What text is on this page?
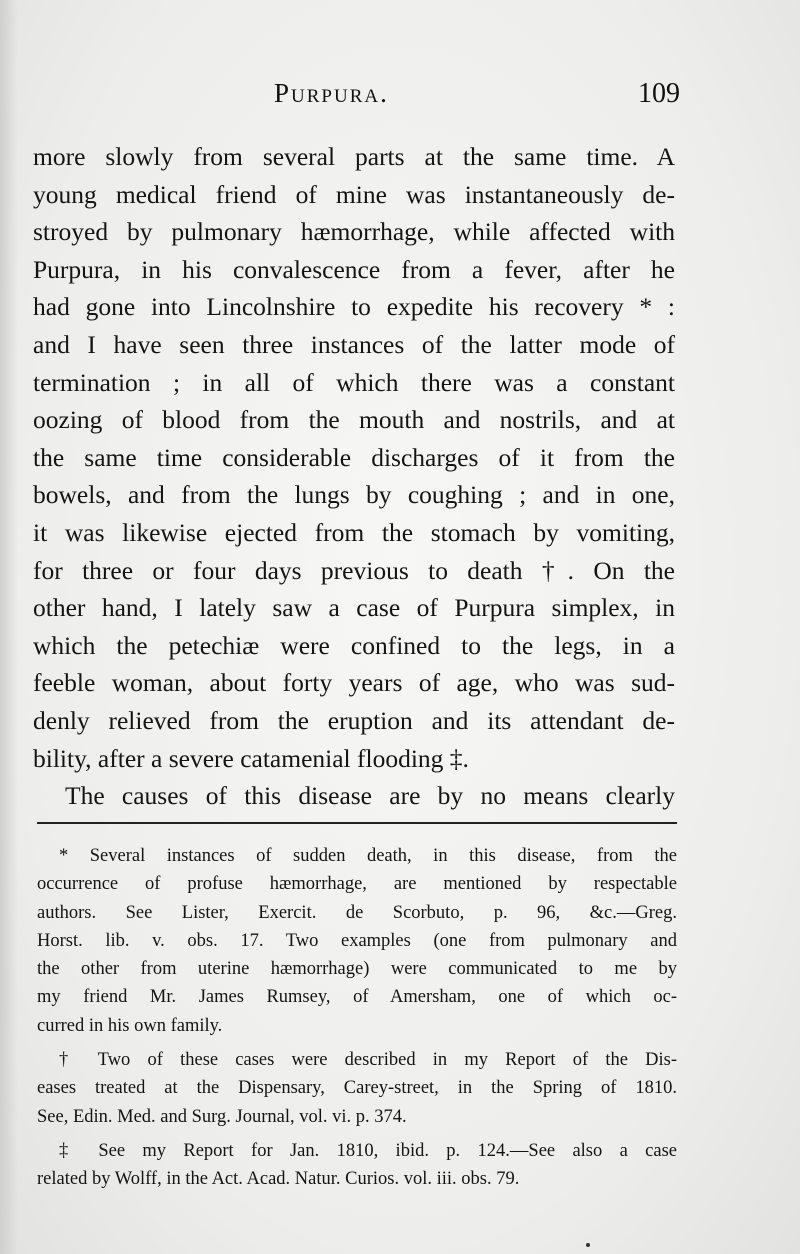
Purpura.	109
more slowly from several parts at the same time. A
young medical friend of mine was instantaneously de-
stroyed by pulmonary hæmorrhage, while affected with
Purpura, in his convalescence from a fever, after he
had gone into Lincolnshire to expedite his recovery * :
and I have seen three instances of the latter mode of
termination ; in all of which there was a constant
oozing of blood from the mouth and nostrils, and at
the same time considerable discharges of it from the
bowels, and from the lungs by coughing ; and in one,
it was likewise ejected from the stomach by vomiting,
for three or four days previous to death †. On the
other hand, I lately saw a case of Purpura simplex, in
which the petechiæ were confined to the legs, in a
feeble woman, about forty years of age, who was sud-
denly relieved from the eruption and its attendant de-
bility, after a severe catamenial flooding ‡.
The causes of this disease are by no means clearly
* Several instances of sudden death, in this disease, from the
occurrence of profuse hæmorrhage, are mentioned by respectable
authors. See Lister, Exercit. de Scorbuto, p. 96, &c.—Greg.
Horst. lib. v. obs. 17. Two examples (one from pulmonary and
the other from uterine hæmorrhage) were communicated to me by
my friend Mr. James Rumsey, of Amersham, one of which oc-
curred in his own family.
† Two of these cases were described in my Report of the Dis-
eases treated at the Dispensary, Carey-street, in the Spring of 1810.
See, Edin. Med. and Surg. Journal, vol. vi. p. 374.
‡ See my Report for Jan. 1810, ibid. p. 124.—See also a case
related by Wolff, in the Act. Acad. Natur. Curios. vol. iii. obs. 79.
